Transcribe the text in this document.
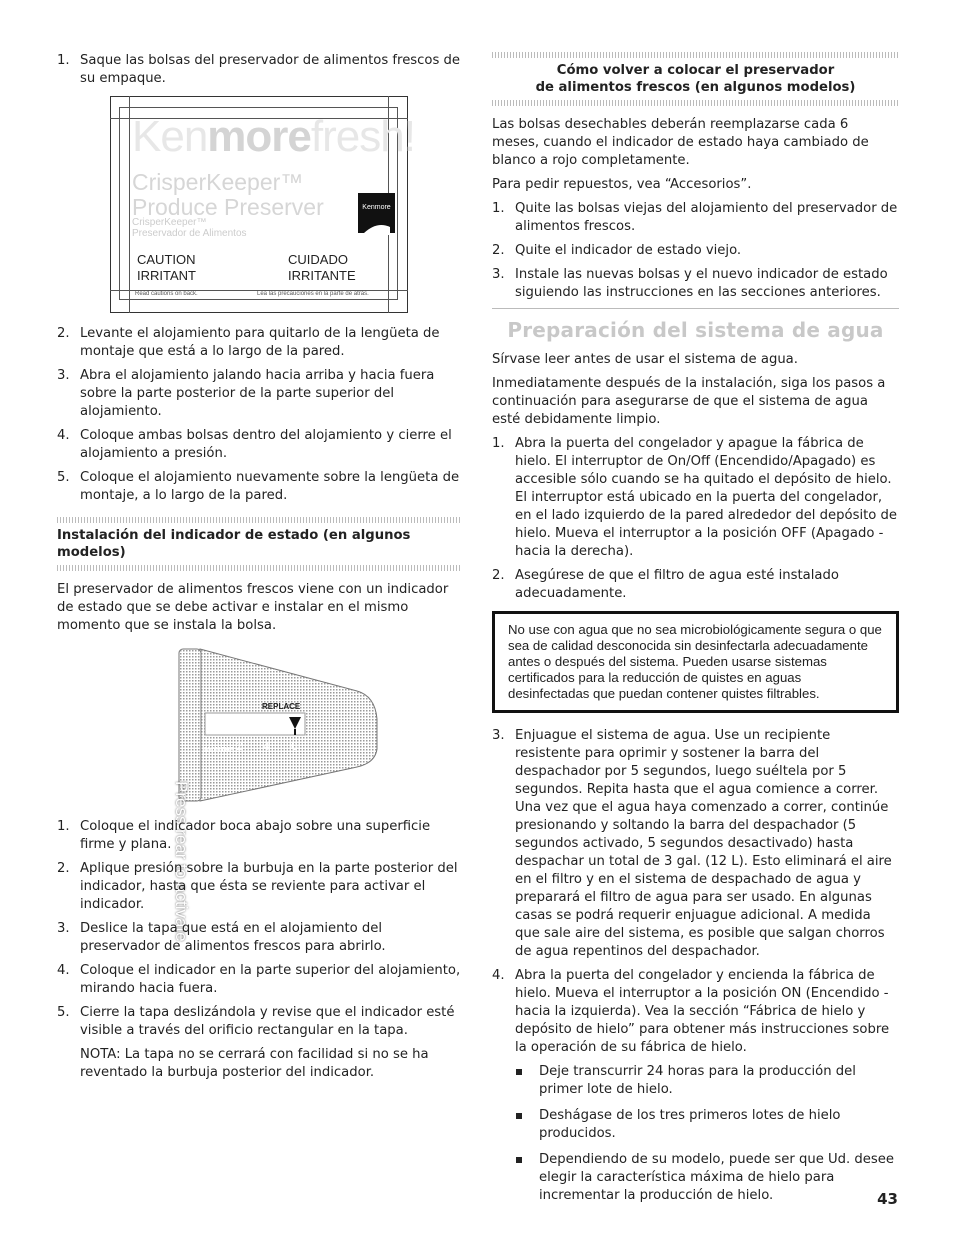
1. Saque las bolsas del preservador de alimentos frescos de su empaque.
Kenmorefresh!
CrisperKeeper™
Produce Preserver
CrisperKeeper™
Preservador de Alimentos
Kenmore
CAUTION
IRRITANT
CUIDADO
IRRITANTE
Read cautions on back.	Lea las precauciones en la parte de atrás.
2. Levante el alojamiento para quitarlo de la lengüeta de montaje que está a lo largo de la pared.
3. Abra el alojamiento jalando hacia arriba y hacia fuera sobre la parte posterior de la parte superior del alojamiento.
4. Coloque ambas bolsas dentro del alojamiento y cierre el alojamiento a presión.
5. Coloque el alojamiento nuevamente sobre la lengüeta de montaje, a lo largo de la pared.
Instalación del indicador de estado (en algunos modelos)

El preservador de alimentos frescos viene con un indicador de estado que se debe activar e instalar en el mismo momento que se instala la bolsa.

Press rear to activate
REPLACE
MONTHS 2 4 6
1. Coloque el indicador boca abajo sobre una superficie firme y plana.
2. Aplique presión sobre la burbuja en la parte posterior del indicador, hasta que ésta se reviente para activar el indicador.
3. Deslice la tapa que está en el alojamiento del preservador de alimentos frescos para abrirlo.
4. Coloque el indicador en la parte superior del alojamiento, mirando hacia fuera.
5. Cierre la tapa deslizándola y revise que el indicador esté visible a través del orificio rectangular en la tapa.

NOTA: La tapa no se cerrará con facilidad si no se ha reventado la burbuja posterior del indicador.

Cómo volver a colocar el preservador
de alimentos frescos (en algunos modelos)

Las bolsas desechables deberán reemplazarse cada 6 meses, cuando el indicador de estado haya cambiado de blanco a rojo completamente.

Para pedir repuestos, vea “Accesorios”.

1. Quite las bolsas viejas del alojamiento del preservador de alimentos frescos.
2. Quite el indicador de estado viejo.
3. Instale las nuevas bolsas y el nuevo indicador de estado siguiendo las instrucciones en las secciones anteriores.
Preparación del sistema de agua

Sírvase leer antes de usar el sistema de agua.

Inmediatamente después de la instalación, siga los pasos a continuación para asegurarse de que el sistema de agua esté debidamente limpio.

1. Abra la puerta del congelador y apague la fábrica de hielo. El interruptor de On/Off (Encendido/Apagado) es accesible sólo cuando se ha quitado el depósito de hielo. El interruptor está ubicado en la puerta del congelador, en el lado izquierdo de la pared alrededor del depósito de hielo. Mueva el interruptor a la posición OFF (Apagado - hacia la derecha).
2. Asegúrese de que el filtro de agua esté instalado adecuadamente.
No use con agua que no sea microbiológicamente segura o que sea de calidad desconocida sin desinfectarla adecuadamente antes o después del sistema. Pueden usarse sistemas certificados para la reducción de quistes en aguas desinfectadas que puedan contener quistes filtrables.
3. Enjuague el sistema de agua. Use un recipiente resistente para oprimir y sostener la barra del despachador por 5 segundos, luego suéltela por 5 segundos. Repita hasta que el agua comience a correr. Una vez que el agua haya comenzado a correr, continúe presionando y soltando la barra del despachador (5 segundos activado, 5 segundos desactivado) hasta despachar un total de 3 gal. (12 L). Esto eliminará el aire en el filtro y en el sistema de despachado de agua y preparará el filtro de agua para ser usado. En algunas casas se podrá requerir enjuague adicional. A medida que sale aire del sistema, es posible que salgan chorros de agua repentinos del despachador.
4. Abra la puerta del congelador y encienda la fábrica de hielo. Mueva el interruptor a la posición ON (Encendido - hacia la izquierda). Vea la sección “Fábrica de hielo y depósito de hielo” para obtener más instrucciones sobre la operación de su fábrica de hielo.
Deje transcurrir 24 horas para la producción del primer lote de hielo.
Deshágase de los tres primeros lotes de hielo producidos.
Dependiendo de su modelo, puede ser que Ud. desee elegir la característica máxima de hielo para incrementar la producción de hielo.	43
